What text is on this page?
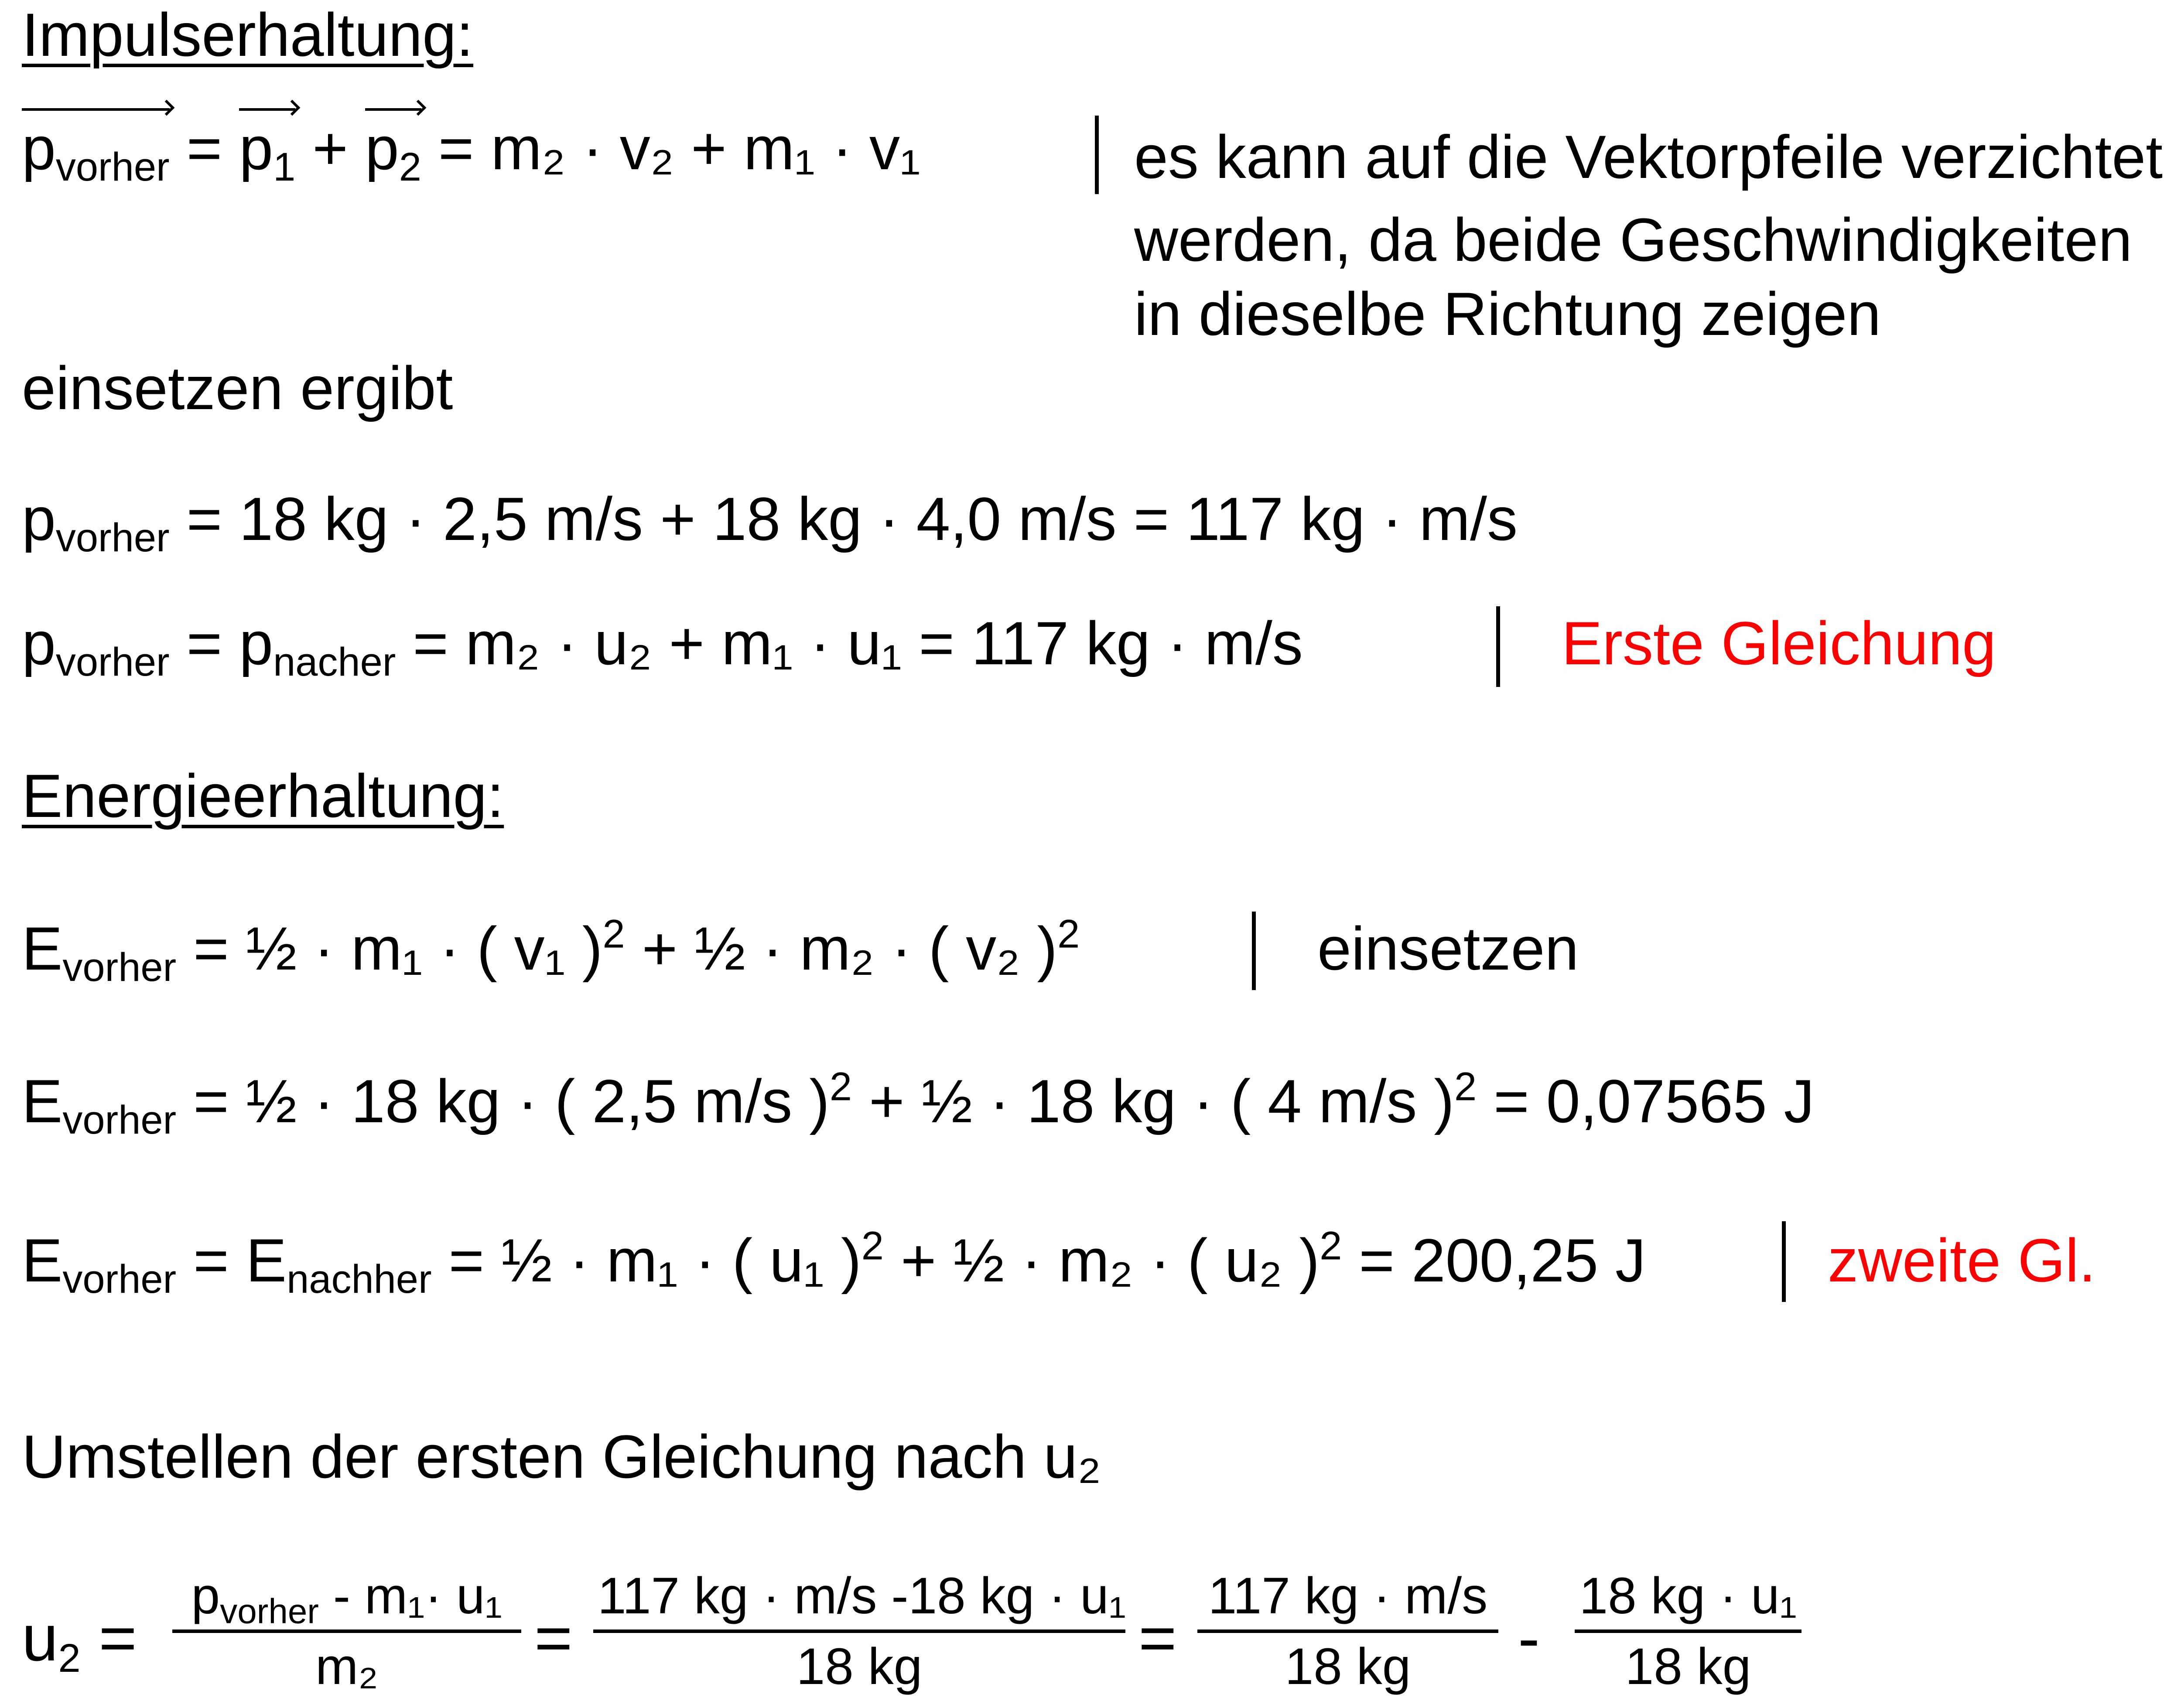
Impulserhaltung:
$p_{vorher} = p_1 + p_2 = m_2 \cdot v_2 + m_1 \cdot v_1$	es kann auf die Vektorpfeile verzichtet
werden, da beide Geschwindigkeiten
in dieselbe Richtung zeigen
einsetzen ergibt
$p_{vorher} = 18$ kg · 2,5 m/s + 18 kg · 4,0 m/s = 117 kg · m/s
$p_{vorher} = p_{nacher} = m_2 \cdot u_2 + m_1 \cdot u_1 = 117$ kg · m/s	Erste Gleichung
Energieerhaltung:
$E_{vorher}$ = ½ · m₁ · ( v₁ )$^2$ + ½ · m₂ · ( v₂ )$^2$	einsetzen
$E_{vorher}$ = ½ · 18 kg · ( 2,5 m/s )$^2$ + ½ · 18 kg · ( 4 m/s )$^2$ = 0,07565 J
$E_{vorher} = E_{nachher}$ = ½ · m₁ · ( u₁ )$^2$ + ½ · m₂ · ( u₂ )$^2$ = 200,25 J	zweite Gl.
Umstellen der ersten Gleichung nach u₂
$u_2$ =
$p_{vorher} - m_1\cdot u_1$
m₂	= $\frac{\text{117 kg · m/s -18 kg · u₁}}{18 kg} = \frac{117 kg \cdot m/s}{18 kg} - \frac{\text{18 kg · u₁}}{18 kg}$
